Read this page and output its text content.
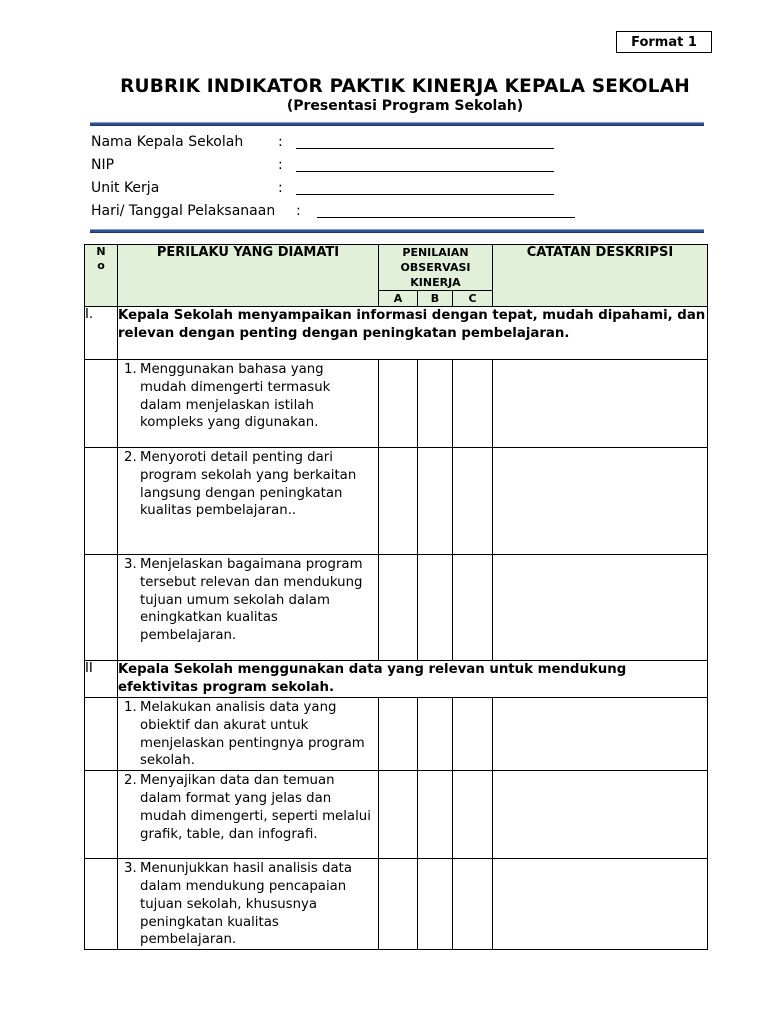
Format 1
RUBRIK INDIKATOR PAKTIK KINERJA KEPALA SEKOLAH
(Presentasi Program Sekolah)
Nama Kepala Sekolah :
NIP	:
Unit Kerja	:
Hari/ Tanggal Pelaksanaan :
N
o	PERILAKU YANG DIAMATI	PENILAIAN OBSERVASI KINERJA			CATATAN DESKRIPSI
		A	B	C	
I.	Kepala Sekolah menyampaikan informasi dengan tepat, mudah dipahami, dan relevan dengan penting dengan peningkatan pembelajaran.				

	1. Menggunakan bahasa yang mudah dimengerti termasuk dalam menjelaskan istilah kompleks yang digunakan.				

	2. Menyoroti detail penting dari program sekolah yang berkaitan langsung dengan peningkatan kualitas pembelajaran..				

	3. Menjelaskan bagaimana program tersebut relevan dan mendukung tujuan umum sekolah dalam eningkatkan kualitas pembelajaran.				

II	Kepala Sekolah menggunakan data yang relevan untuk mendukung efektivitas program sekolah.				

	1. Melakukan analisis data yang obiektif dan akurat untuk menjelaskan pentingnya program sekolah.				

	2. Menyajikan data dan temuan dalam format yang jelas dan mudah dimengerti, seperti melalui grafik, table, dan infografi.				

	3. Menunjukkan hasil analisis data dalam mendukung pencapaian tujuan sekolah, khususnya peningkatan kualitas pembelajaran.				
